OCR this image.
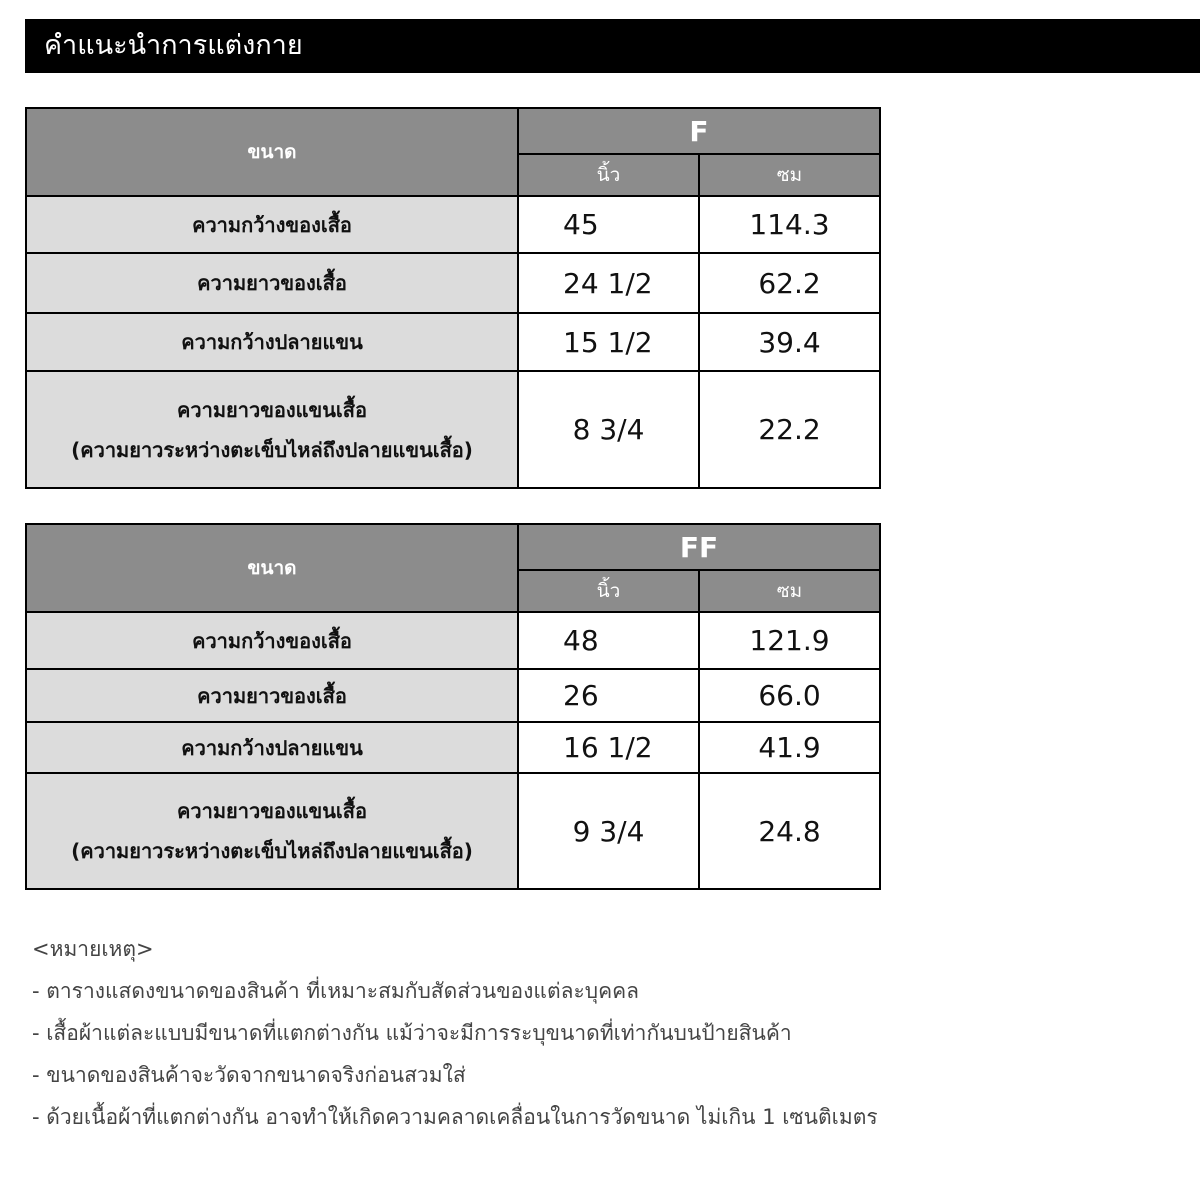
คำแนะนำการแต่งกาย
ขนาด	F	
	นิ้ว	ซม
ความกว้างของเสื้อ	45	114.3
ความยาวของเสื้อ	24 1/2	62.2
ความกว้างปลายแขน	15 1/2	39.4

ความยาวของแขนเสื้อ
(ความยาวระหว่างตะเข็บไหล่ถึงปลายแขนเสื้อ)	8 3/4	22.2
ขนาด	FF	
	นิ้ว	ซม
ความกว้างของเสื้อ	48	121.9
ความยาวของเสื้อ	26	66.0
ความกว้างปลายแขน	16 1/2	41.9

ความยาวของแขนเสื้อ
(ความยาวระหว่างตะเข็บไหล่ถึงปลายแขนเสื้อ)	9 3/4	24.8
<หมายเหตุ>
- ตารางแสดงขนาดของสินค้า ที่เหมาะสมกับสัดส่วนของแต่ละบุคคล
- เสื้อผ้าแต่ละแบบมีขนาดที่แตกต่างกัน แม้ว่าจะมีการระบุขนาดที่เท่ากันบนป้ายสินค้า
- ขนาดของสินค้าจะวัดจากขนาดจริงก่อนสวมใส่
- ด้วยเนื้อผ้าที่แตกต่างกัน อาจทำให้เกิดความคลาดเคลื่อนในการวัดขนาด ไม่เกิน 1 เซนติเมตร
